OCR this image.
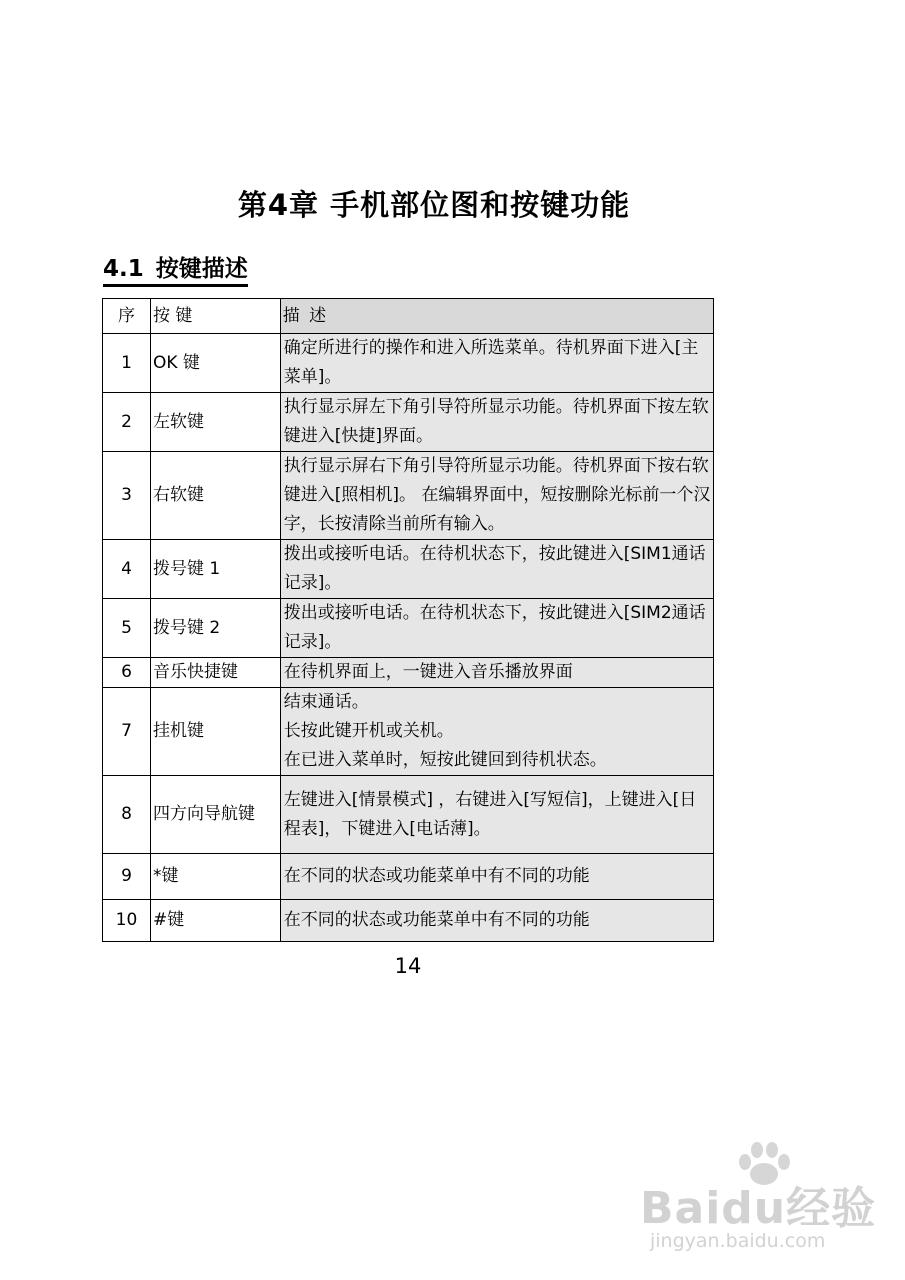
第4章 手机部位图和按键功能
4.1 按键描述
序	按 键	描 述
1	OK 键	确定所进行的操作和进入所选菜单。待机界面下进入[主菜单]。
2	左软键	执行显示屏左下角引导符所显示功能。待机界面下按左软键进入[快捷]界面。
3	右软键	执行显示屏右下角引导符所显示功能。待机界面下按右软键进入[照相机]。 在编辑界面中，短按删除光标前一个汉字，长按清除当前所有输入。
4	拨号键 1	拨出或接听电话。在待机状态下，按此键进入[SIM1通话记录]。
5	拨号键 2	拨出或接听电话。在待机状态下，按此键进入[SIM2通话记录]。
6	音乐快捷键	在待机界面上，一键进入音乐播放界面
7	挂机键	结束通话。
长按此键开机或关机。
在已进入菜单时，短按此键回到待机状态。
8	四方向导航键	左键进入[情景模式] ，右键进入[写短信]，上键进入[日程表]，下键进入[电话薄]。
9	*键	在不同的状态或功能菜单中有不同的功能
10	#键	在不同的状态或功能菜单中有不同的功能
14
Baidu经验
jingyan.baidu.com
